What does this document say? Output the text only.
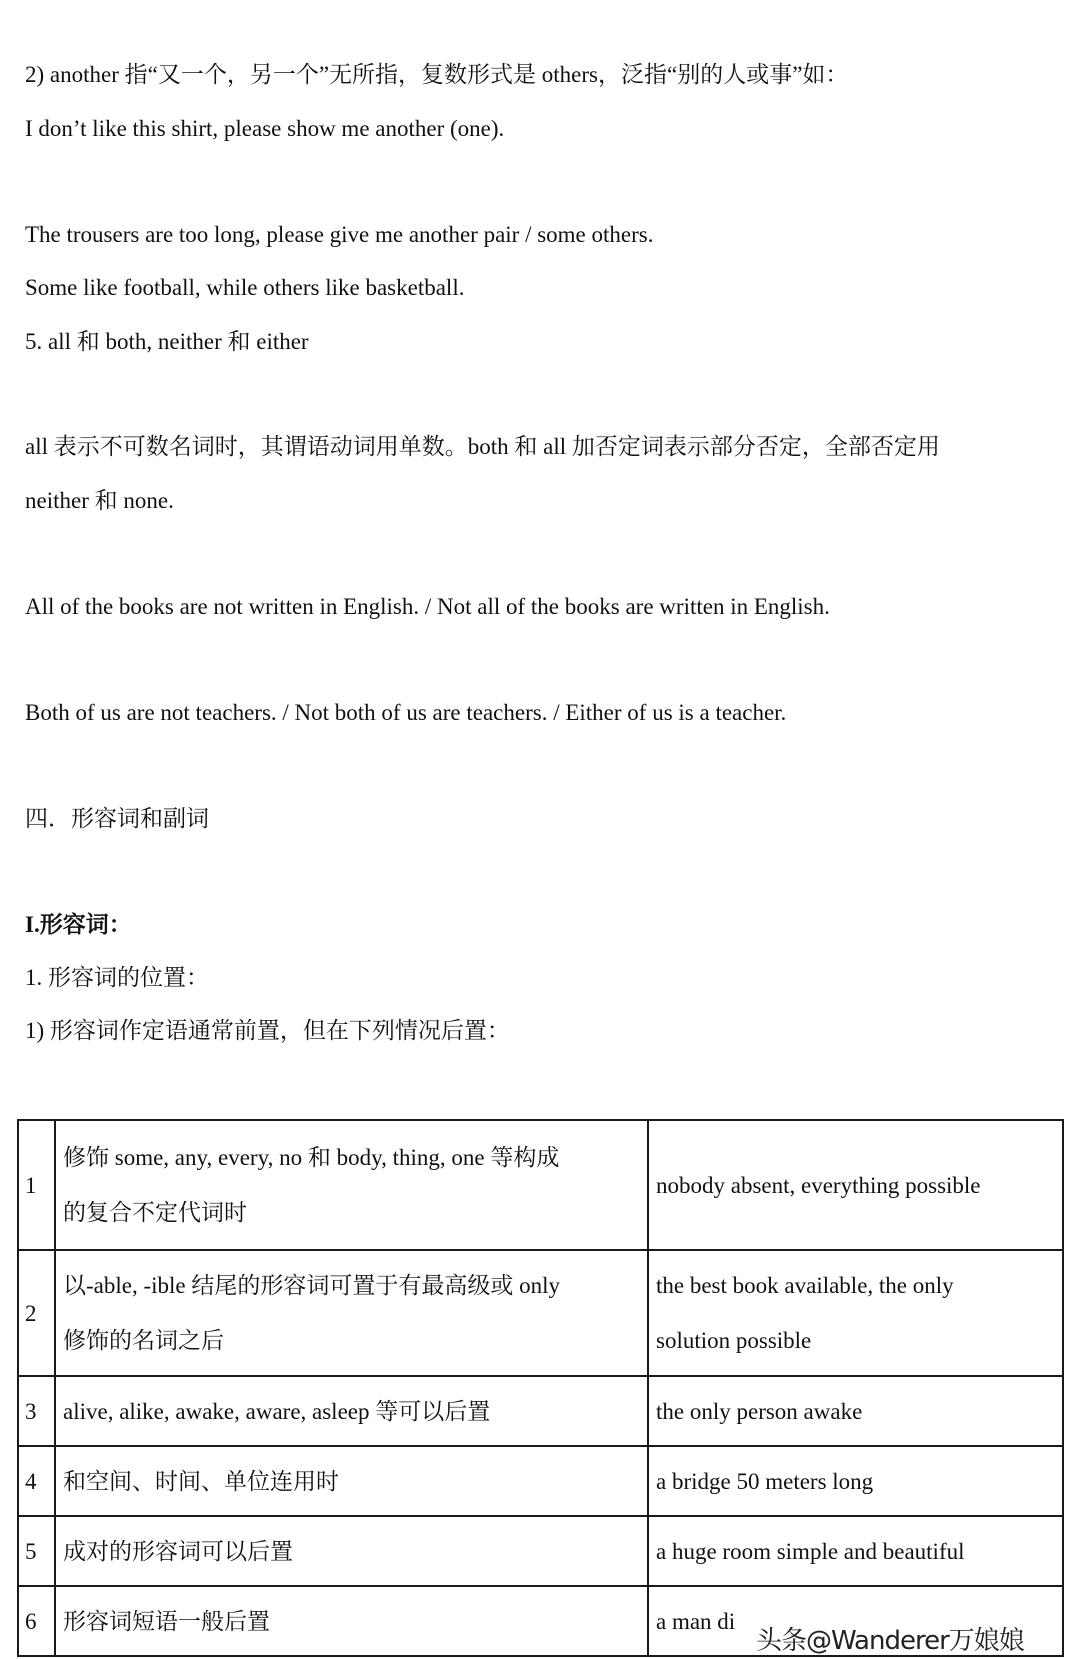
2) another 指“又一个，另一个”无所指，复数形式是 others，泛指“别的人或事”如：
I don’t like this shirt, please show me another (one).
The trousers are too long, please give me another pair / some others.
Some like football, while others like basketball.
5. all 和 both, neither 和 either
all 表示不可数名词时，其谓语动词用单数。both 和 all 加否定词表示部分否定，全部否定用
neither 和 none.
All of the books are not written in English. / Not all of the books are written in English.
Both of us are not teachers. / Not both of us are teachers. / Either of us is a teacher.
四．形容词和副词
I.形容词：
1. 形容词的位置：
1) 形容词作定语通常前置，但在下列情况后置：
1	修饰 some, any, every, no 和 body, thing, one 等构成
的复合不定代词时	nobody absent, everything possible
2	以-able, -ible 结尾的形容词可置于有最高级或 only
修饰的名词之后	the best book available, the only
solution possible
3	alive, alike, awake, aware, asleep 等可以后置	the only person awake
4	和空间、时间、单位连用时	a bridge 50 meters long
5	成对的形容词可以后置	a huge room simple and beautiful
6	形容词短语一般后置	a man di
头条@Wanderer万娘娘
